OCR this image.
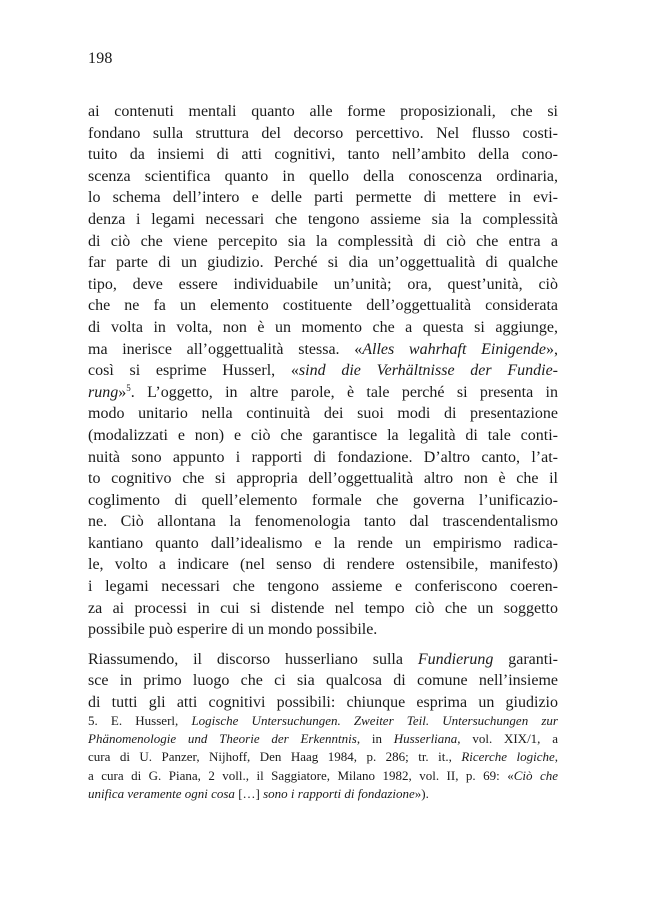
198
ai contenuti mentali quanto alle forme proposizionali, che si
fondano sulla struttura del decorso percettivo. Nel flusso costi-
tuito da insiemi di atti cognitivi, tanto nell’ambito della cono-
scenza scientifica quanto in quello della conoscenza ordinaria,
lo schema dell’intero e delle parti permette di mettere in evi-
denza i legami necessari che tengono assieme sia la complessità
di ciò che viene percepito sia la complessità di ciò che entra a
far parte di un giudizio. Perché si dia un’oggettualità di qualche
tipo, deve essere individuabile un’unità; ora, quest’unità, ciò
che ne fa un elemento costituente dell’oggettualità considerata
di volta in volta, non è un momento che a questa si aggiunge,
ma inerisce all’oggettualità stessa. «Alles wahrhaft Einigende»,
così si esprime Husserl, «sind die Verhältnisse der Fundie-
rung»$^5$. L’oggetto, in altre parole, è tale perché si presenta in
modo unitario nella continuità dei suoi modi di presentazione
(modalizzati e non) e ciò che garantisce la legalità di tale conti-
nuità sono appunto i rapporti di fondazione. D’altro canto, l’at-
to cognitivo che si appropria dell’oggettualità altro non è che il
coglimento di quell’elemento formale che governa l’unificazio-
ne. Ciò allontana la fenomenologia tanto dal trascendentalismo
kantiano quanto dall’idealismo e la rende un empirismo radica-
le, volto a indicare (nel senso di rendere ostensibile, manifesto)
i legami necessari che tengono assieme e conferiscono coeren-
za ai processi in cui si distende nel tempo ciò che un soggetto
possibile può esperire di un mondo possibile.
Riassumendo, il discorso husserliano sulla Fundierung garanti-
sce in primo luogo che ci sia qualcosa di comune nell’insieme
di tutti gli atti cognitivi possibili: chiunque esprima un giudizio
5. E. Husserl, Logische Untersuchungen. Zweiter Teil. Untersuchungen zur
Phänomenologie und Theorie der Erkenntnis, in Husserliana, vol. XIX/1, a
cura di U. Panzer, Nijhoff, Den Haag 1984, p. 286; tr. it., Ricerche logiche,
a cura di G. Piana, 2 voll., il Saggiatore, Milano 1982, vol. II, p. 69: «Ciò che
unifica veramente ogni cosa […] sono i rapporti di fondazione»).
